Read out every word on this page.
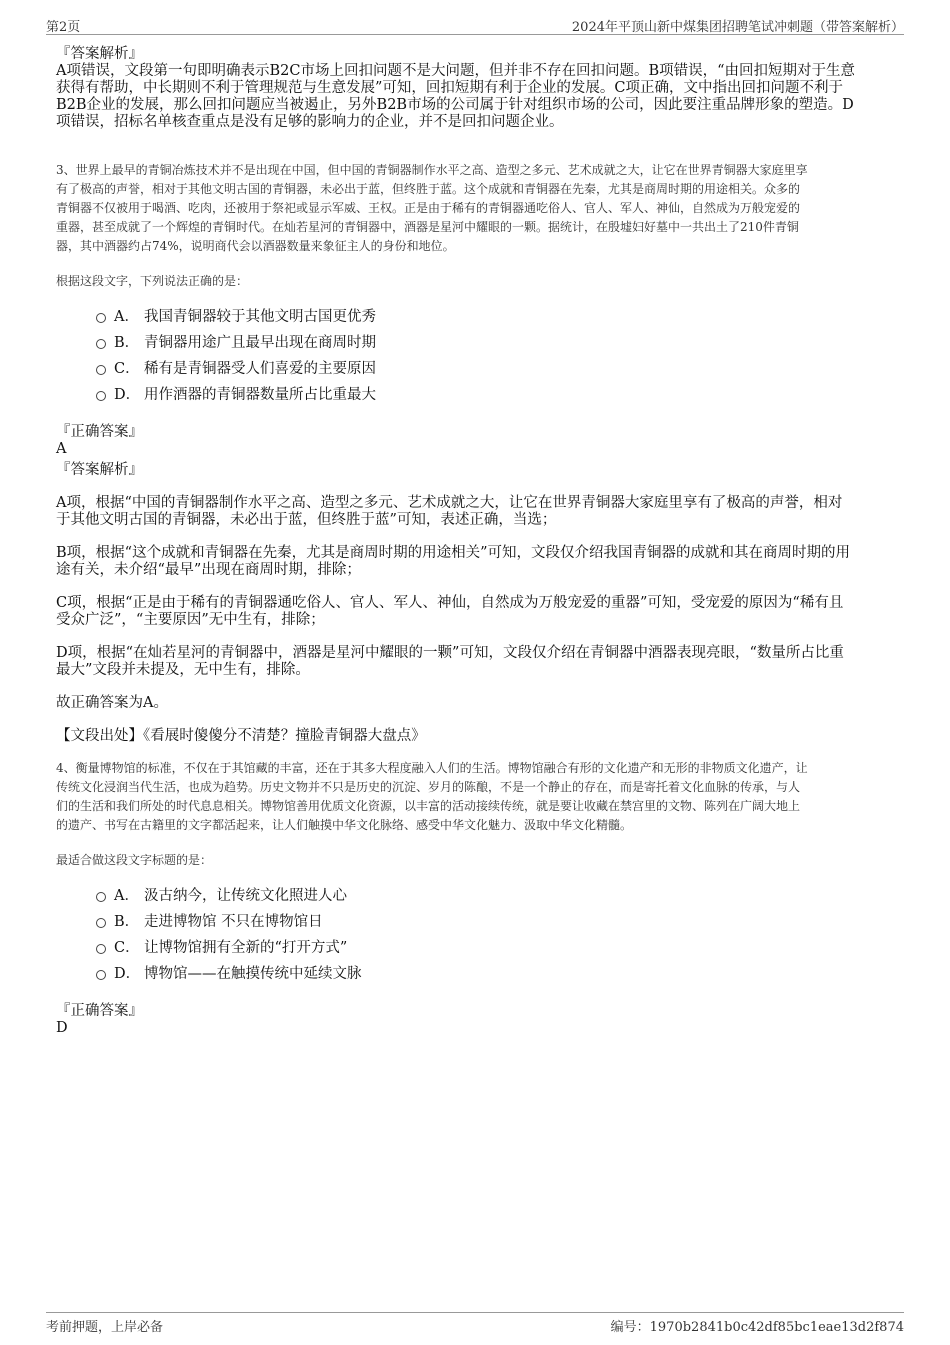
第2页	2024年平顶山新中煤集团招聘笔试冲刺题（带答案解析）

『答案解析』

A项错误，文段第一句即明确表示B2C市场上回扣问题不是大问题，但并非不存在回扣问题。B项错误，“由回扣短期对于生意

获得有帮助，中长期则不利于管理规范与生意发展”可知，回扣短期有利于企业的发展。C项正确，文中指出回扣问题不利于

B2B企业的发展，那么回扣问题应当被遏止，另外B2B市场的公司属于针对组织市场的公司，因此要注重品牌形象的塑造。D

项错误，招标名单核查重点是没有足够的影响力的企业，并不是回扣问题企业。

3、世界上最早的青铜冶炼技术并不是出现在中国，但中国的青铜器制作水平之高、造型之多元、艺术成就之大，让它在世界青铜器大家庭里享

有了极高的声誉，相对于其他文明古国的青铜器，未必出于蓝，但终胜于蓝。这个成就和青铜器在先秦，尤其是商周时期的用途相关。众多的

青铜器不仅被用于喝酒、吃肉，还被用于祭祀或显示军威、王权。正是由于稀有的青铜器通吃俗人、官人、军人、神仙，自然成为万般宠爱的

重器，甚至成就了一个辉煌的青铜时代。在灿若星河的青铜器中，酒器是星河中耀眼的一颗。据统计，在殷墟妇好墓中一共出土了210件青铜

器，其中酒器约占74%，说明商代会以酒器数量来象征主人的身份和地位。

根据这段文字，下列说法正确的是：

A． 我国青铜器较于其他文明古国更优秀
B． 青铜器用途广且最早出现在商周时期
C． 稀有是青铜器受人们喜爱的主要原因
D． 用作酒器的青铜器数量所占比重最大

『正确答案』

A

『答案解析』

A项，根据“中国的青铜器制作水平之高、造型之多元、艺术成就之大，让它在世界青铜器大家庭里享有了极高的声誉，相对

于其他文明古国的青铜器，未必出于蓝，但终胜于蓝”可知，表述正确，当选；

B项，根据“这个成就和青铜器在先秦，尤其是商周时期的用途相关”可知，文段仅介绍我国青铜器的成就和其在商周时期的用

途有关，未介绍“最早”出现在商周时期，排除；

C项，根据“正是由于稀有的青铜器通吃俗人、官人、军人、神仙，自然成为万般宠爱的重器”可知，受宠爱的原因为“稀有且

受众广泛”，“主要原因”无中生有，排除；

D项，根据“在灿若星河的青铜器中，酒器是星河中耀眼的一颗”可知，文段仅介绍在青铜器中酒器表现亮眼，“数量所占比重

最大”文段并未提及，无中生有，排除。

故正确答案为A。

【文段出处】《看展时傻傻分不清楚？撞脸青铜器大盘点》

4、衡量博物馆的标准，不仅在于其馆藏的丰富，还在于其多大程度融入人们的生活。博物馆融合有形的文化遗产和无形的非物质文化遗产，让

传统文化浸润当代生活，也成为趋势。历史文物并不只是历史的沉淀、岁月的陈酿，不是一个静止的存在，而是寄托着文化血脉的传承，与人

们的生活和我们所处的时代息息相关。博物馆善用优质文化资源，以丰富的活动接续传统，就是要让收藏在禁宫里的文物、陈列在广阔大地上

的遗产、书写在古籍里的文字都活起来，让人们触摸中华文化脉络、感受中华文化魅力、汲取中华文化精髓。

最适合做这段文字标题的是：

A． 汲古纳今，让传统文化照进人心
B． 走进博物馆 不只在博物馆日
C． 让博物馆拥有全新的“打开方式”
D． 博物馆——在触摸传统中延续文脉

『正确答案』

D

考前押题，上岸必备	编号：1970b2841b0c42df85bc1eae13d2f874
